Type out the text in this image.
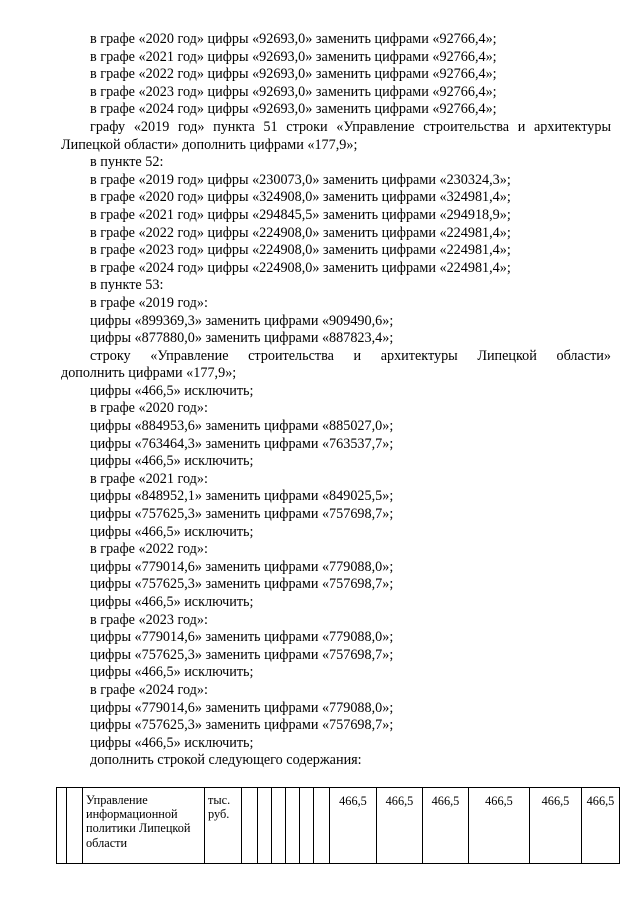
в графе «2020 год» цифры «92693,0» заменить цифрами «92766,4»;
в графе «2021 год» цифры «92693,0» заменить цифрами «92766,4»;
в графе «2022 год» цифры «92693,0» заменить цифрами «92766,4»;
в графе «2023 год» цифры «92693,0» заменить цифрами «92766,4»;
в графе «2024 год» цифры «92693,0» заменить цифрами «92766,4»;
графу «2019 год» пункта 51 строки «Управление строительства и архитектуры
Липецкой области» дополнить цифрами «177,9»;
в пункте 52:
в графе «2019 год» цифры «230073,0» заменить цифрами «230324,3»;
в графе «2020 год» цифры «324908,0» заменить цифрами «324981,4»;
в графе «2021 год» цифры «294845,5» заменить цифрами «294918,9»;
в графе «2022 год» цифры «224908,0» заменить цифрами «224981,4»;
в графе «2023 год» цифры «224908,0» заменить цифрами «224981,4»;
в графе «2024 год» цифры «224908,0» заменить цифрами «224981,4»;
в пункте 53:
в графе «2019 год»:
цифры «899369,3» заменить цифрами «909490,6»;
цифры «877880,0» заменить цифрами «887823,4»;
строку «Управление строительства и архитектуры Липецкой области»
дополнить цифрами «177,9»;
цифры «466,5» исключить;
в графе «2020 год»:
цифры «884953,6» заменить цифрами «885027,0»;
цифры «763464,3» заменить цифрами «763537,7»;
цифры «466,5» исключить;
в графе «2021 год»:
цифры «848952,1» заменить цифрами «849025,5»;
цифры «757625,3» заменить цифрами «757698,7»;
цифры «466,5» исключить;
в графе «2022 год»:
цифры «779014,6» заменить цифрами «779088,0»;
цифры «757625,3» заменить цифрами «757698,7»;
цифры «466,5» исключить;
в графе «2023 год»:
цифры «779014,6» заменить цифрами «779088,0»;
цифры «757625,3» заменить цифрами «757698,7»;
цифры «466,5» исключить;
в графе «2024 год»:
цифры «779014,6» заменить цифрами «779088,0»;
цифры «757625,3» заменить цифрами «757698,7»;
цифры «466,5» исключить;
дополнить строкой следующего содержания:
		Управление информационной политики Липецкой области	тыс. руб.							466,5	466,5	466,5	466,5	466,5	466,5
